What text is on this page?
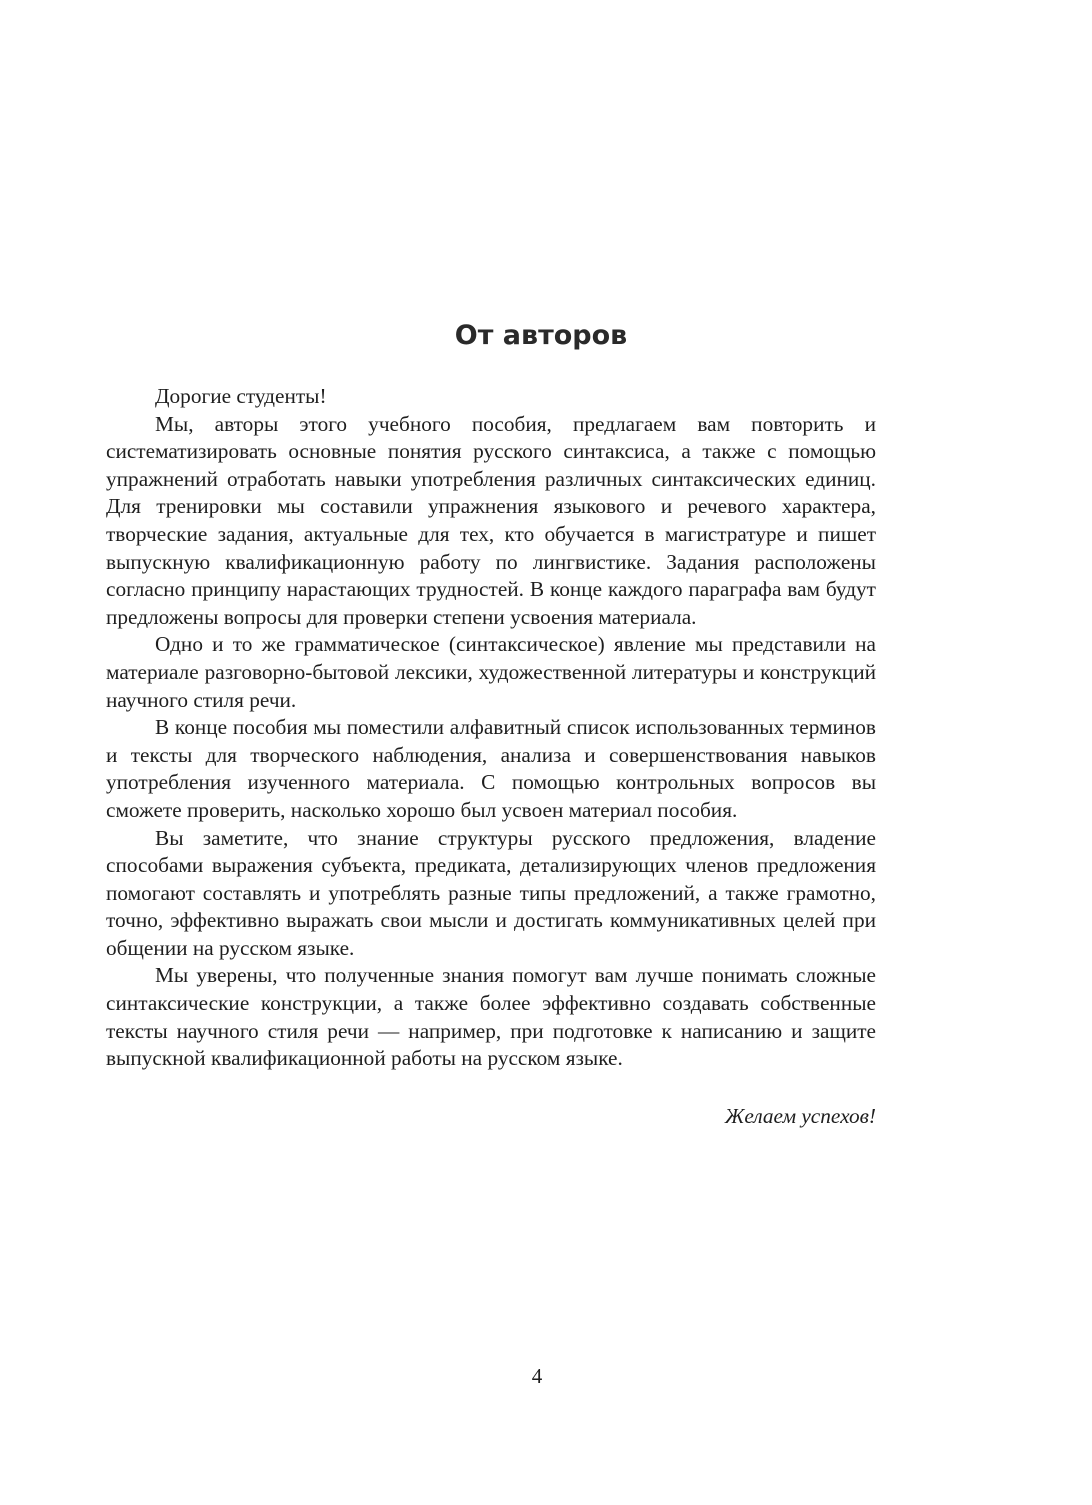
От авторов

Дорогие студенты!

Мы, авторы этого учебного пособия, предлагаем вам повторить и систематизировать основные понятия русского синтаксиса, а также с помощью упражнений отработать навыки употребления различных синтаксических единиц. Для тренировки мы составили упражнения языкового и речевого характера, творческие задания, актуальные для тех, кто обучается в магистратуре и пишет выпускную квалификационную работу по лингвистике. Задания расположены согласно принципу нарастающих трудностей. В конце каждого параграфа вам будут предложены вопросы для проверки степени усвоения материала.

Одно и то же грамматическое (синтаксическое) явление мы представили на материале разговорно-бытовой лексики, художественной литературы и конструкций научного стиля речи.

В конце пособия мы поместили алфавитный список использованных терминов и тексты для творческого наблюдения, анализа и совершенствования навыков употребления изученного материала. С помощью контрольных вопросов вы сможете проверить, насколько хорошо был усвоен материал пособия.

Вы заметите, что знание структуры русского предложения, владение способами выражения субъекта, предиката, детализирующих членов предложения помогают составлять и употреблять разные типы предложений, а также грамотно, точно, эффективно выражать свои мысли и достигать коммуникативных целей при общении на русском языке.

Мы уверены, что полученные знания помогут вам лучше понимать сложные синтаксические конструкции, а также более эффективно создавать собственные тексты научного стиля речи — например, при подготовке к написанию и защите выпускной квалификационной работы на русском языке.

Желаем успехов!

4
